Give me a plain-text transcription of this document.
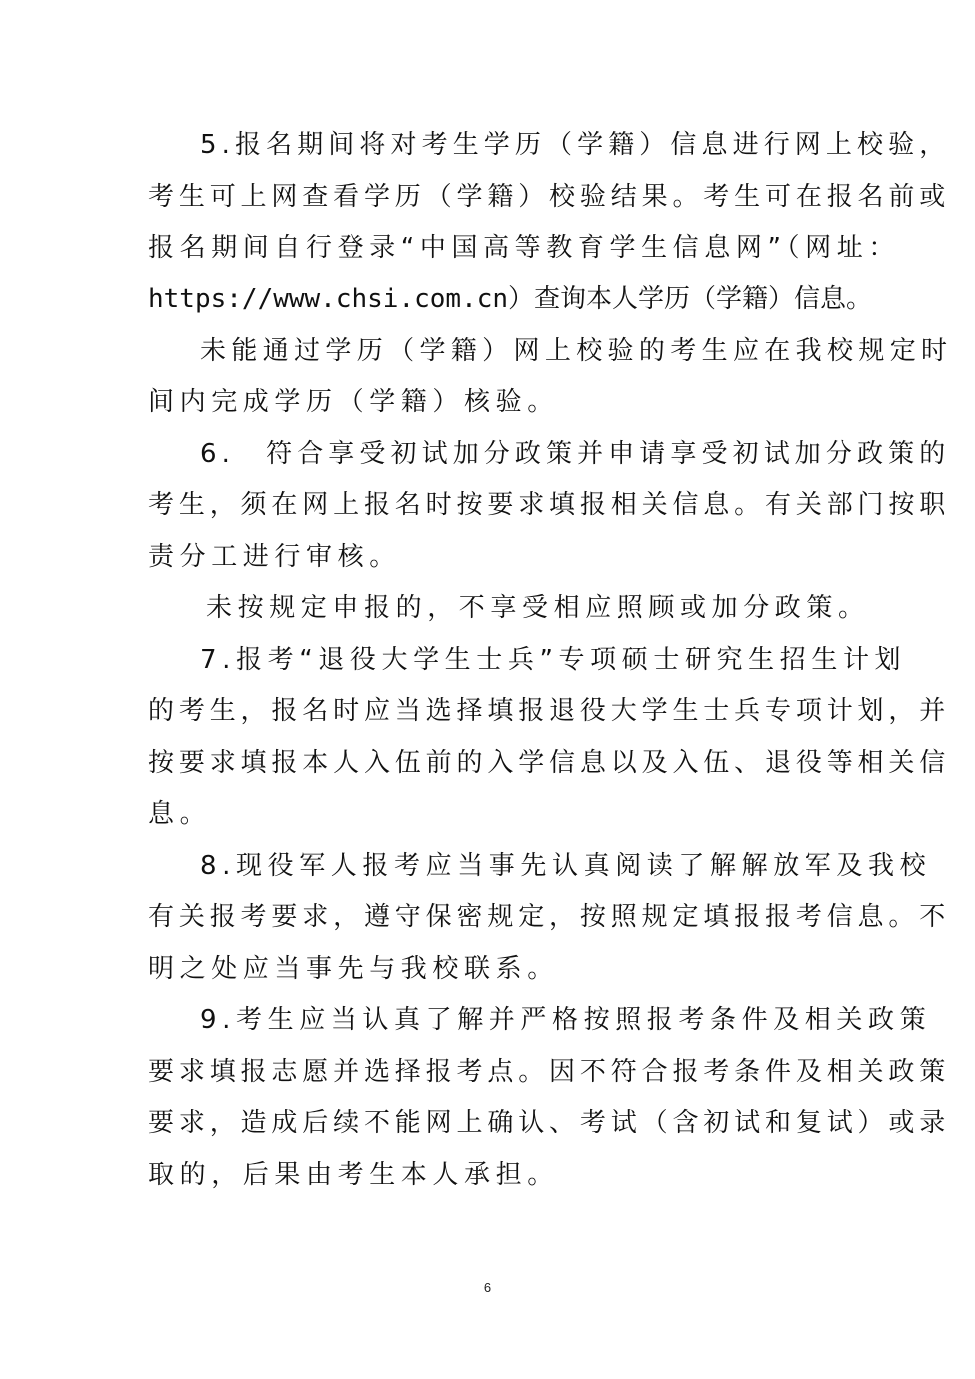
5.报名期间将对考生学历（学籍）信息进行网上校验，
考生可上网查看学历（学籍）校验结果。考生可在报名前或
报名期间自行登录“中国高等教育学生信息网”（网址：
https://www.chsi.com.cn）查询本人学历（学籍）信息。
未能通过学历（学籍）网上校验的考生应在我校规定时
间内完成学历（学籍）核验。
6.　符合享受初试加分政策并申请享受初试加分政策的
考生，须在网上报名时按要求填报相关信息。有关部门按职
责分工进行审核。
未按规定申报的，不享受相应照顾或加分政策。
7.报考“退役大学生士兵”专项硕士研究生招生计划
的考生，报名时应当选择填报退役大学生士兵专项计划，并
按要求填报本人入伍前的入学信息以及入伍、退役等相关信
息。
8.现役军人报考应当事先认真阅读了解解放军及我校
有关报考要求，遵守保密规定，按照规定填报报考信息。不
明之处应当事先与我校联系。
9.考生应当认真了解并严格按照报考条件及相关政策
要求填报志愿并选择报考点。因不符合报考条件及相关政策
要求，造成后续不能网上确认、考试（含初试和复试）或录
取的，后果由考生本人承担。
6
